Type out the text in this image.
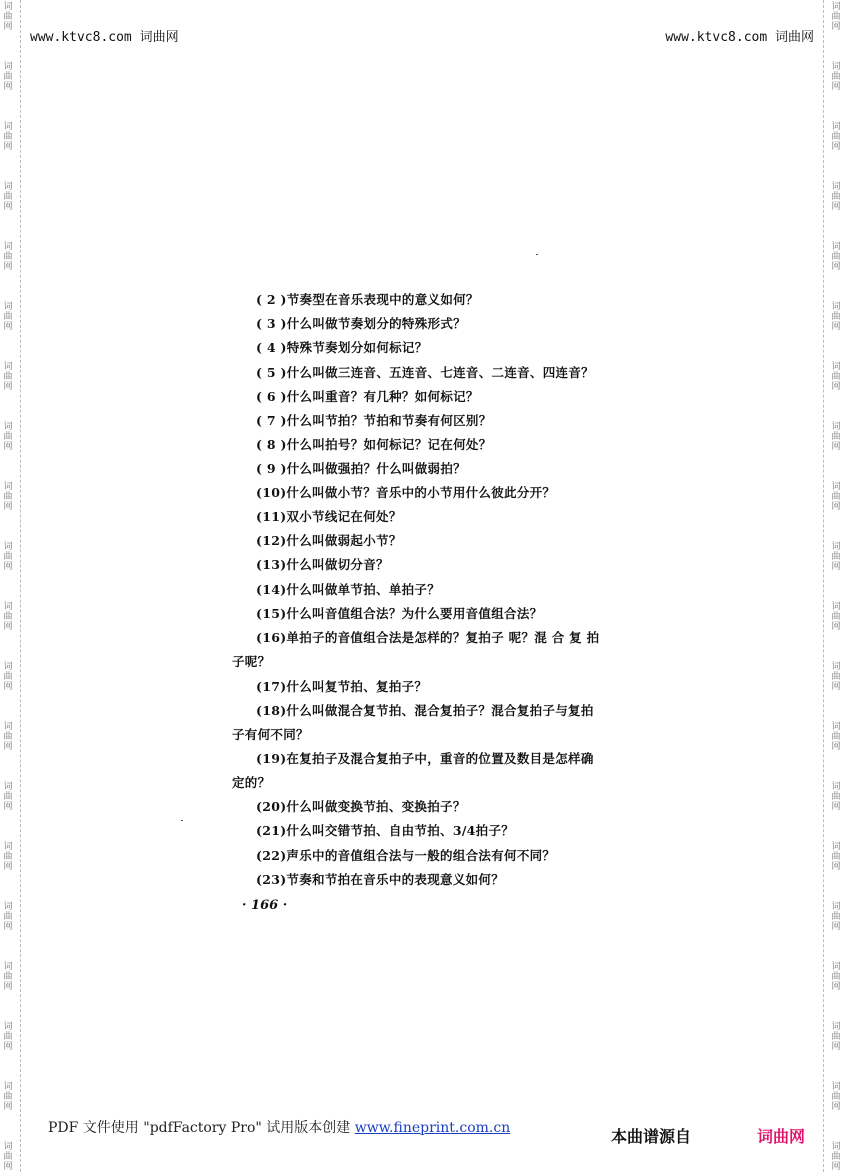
词
曲
网
词
曲
网
词
曲
网
词
曲
网
词
曲
网
词
曲
网
词
曲
网
词
曲
网
词
曲
网
词
曲
网
词
曲
网
词
曲
网
词
曲
网
词
曲
网
词
曲
网
词
曲
网
词
曲
网
词
曲
网
词
曲
网
词
曲
网
词
曲
网
词
曲
网
词
曲
网
词
曲
网
词
曲
网
词
曲
网
词
曲
网
词
曲
网
词
曲
网
词
曲
网
词
曲
网
词
曲
网
词
曲
网
词
曲
网
词
曲
网
词
曲
网
词
曲
网
词
曲
网
词
曲
网
词
曲
网
www.ktvc8.com 词曲网	www.ktvc8.com 词曲网
( 2 )节奏型在音乐表现中的意义如何？
( 3 )什么叫做节奏划分的特殊形式？
( 4 )特殊节奏划分如何标记？
( 5 )什么叫做三连音、五连音、七连音、二连音、四连音？
( 6 )什么叫重音？有几种？如何标记？
( 7 )什么叫节拍？节拍和节奏有何区别？
( 8 )什么叫拍号？如何标记？记在何处？
( 9 )什么叫做强拍？什么叫做弱拍？
(10)什么叫做小节？音乐中的小节用什么彼此分开？
(11)双小节线记在何处？
(12)什么叫做弱起小节？
(13)什么叫做切分音？
(14)什么叫做单节拍、单拍子？
(15)什么叫音值组合法？为什么要用音值组合法？
(16)单拍子的音值组合法是怎样的？复拍子 呢？混 合 复 拍
子呢？
(17)什么叫复节拍、复拍子？
(18)什么叫做混合复节拍、混合复拍子？混合复拍子与复拍
子有何不同？
(19)在复拍子及混合复拍子中，重音的位置及数目是怎样确
定的？
(20)什么叫做变换节拍、变换拍子？
(21)什么叫交错节拍、自由节拍、3/4拍子？
(22)声乐中的音值组合法与一般的组合法有何不同？
(23)节奏和节拍在音乐中的表现意义如何？
· 166 ·
PDF 文件使用 "pdfFactory Pro" 试用版本创建 www.fineprint.com.cn	本曲谱源自	词曲网
